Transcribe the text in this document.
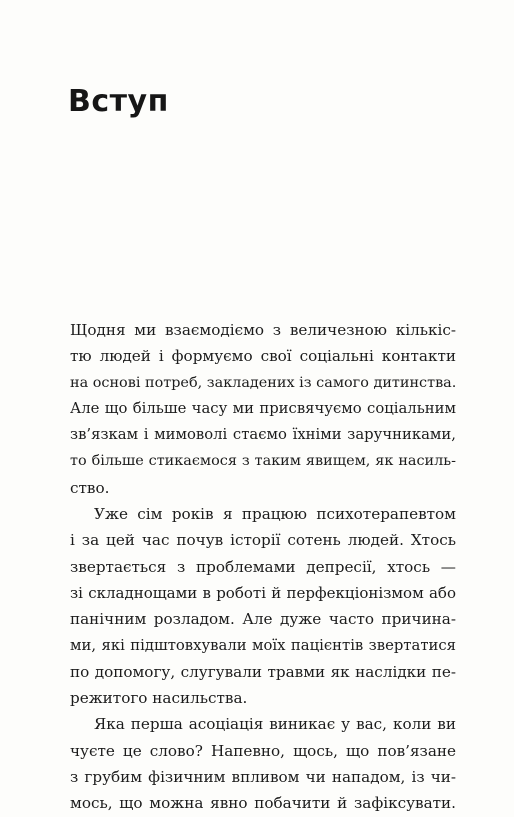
Вступ
Щодня ми взаємодіємо з величезною кількіс-
тю людей і формуємо свої соціальні контакти
на основі потреб, закладених із самого дитинства.
Але що більше часу ми присвячуємо соціальним
зв’язкам і мимоволі стаємо їхніми заручниками,
то більше стикаємося з таким явищем, як насиль-
ство.
Уже сім років я працюю психотерапевтом
і за цей час почув історії сотень людей. Хтось
звертається з проблемами депресії, хтось —
зі складнощами в роботі й перфекціонізмом або
панічним розладом. Але дуже часто причина-
ми, які підштовхували моїх пацієнтів звертатися
по допомогу, слугували травми як наслідки пе-
режитого насильства.
Яка перша асоціація виникає у вас, коли ви
чуєте це слово? Напевно, щось, що пов’язане
з грубим фізичним впливом чи нападом, із чи-
мось, що можна явно побачити й зафіксувати.
